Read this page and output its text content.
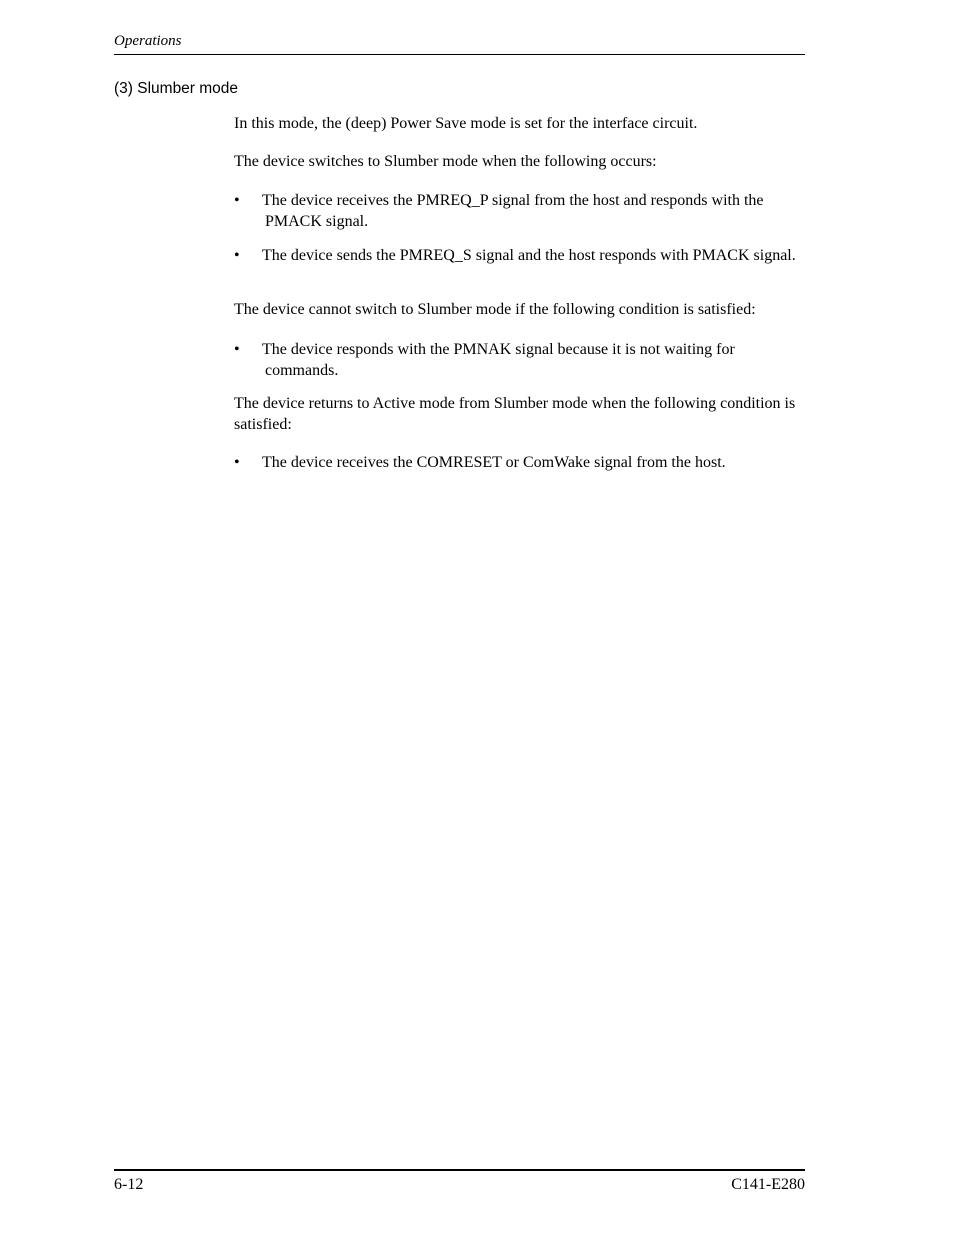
Operations
(3) Slumber mode
In this mode, the (deep) Power Save mode is set for the interface circuit.
The device switches to Slumber mode when the following occurs:
• The device receives the PMREQ_P signal from the host and responds with the PMACK signal.
• The device sends the PMREQ_S signal and the host responds with PMACK signal.
The device cannot switch to Slumber mode if the following condition is satisfied:
• The device responds with the PMNAK signal because it is not waiting for commands.
The device returns to Active mode from Slumber mode when the following condition is satisfied:
• The device receives the COMRESET or ComWake signal from the host.
6-12	C141-E280
